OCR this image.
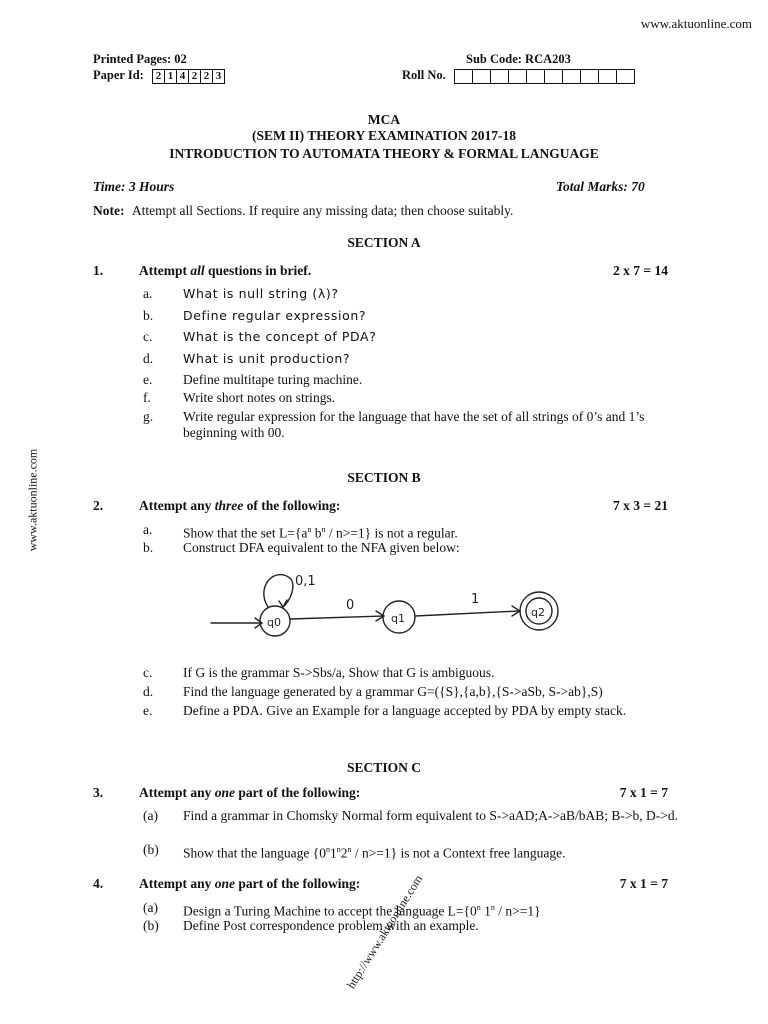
www.aktuonline.com
Printed Pages: 02	Sub Code: RCA203
Paper Id:	2 1 4 2 2 3	Roll No.
MCA
(SEM II) THEORY EXAMINATION 2017-18
INTRODUCTION TO AUTOMATA THEORY & FORMAL LANGUAGE
Time: 3 Hours	Total Marks: 70
Note: Attempt all Sections. If require any missing data; then choose suitably.
SECTION A
1.	Attempt all questions in brief.	2 x 7 = 14
a. What is null string (λ)?
b. Define regular expression?
c. What is the concept of PDA?
d. What is unit production?
e. Define multitape turing machine.
f. Write short notes on strings.
g. Write regular expression for the language that have the set of all strings of 0’s and 1’s beginning with 00.
SECTION B
2.	Attempt any three of the following:	7 x 3 = 21
a. Show that the set $L=\{a^n$ $b^n / n>=1$} is not a regular.
b. Construct DFA equivalent to the NFA given below:
0,1
0	1
q0	q1	q2
c. If G is the grammar S->Sbs/a, Show that G is ambiguous.
d. Find the language generated by a grammar G=({S},{a,b},{S->aSb, S->ab},S)
e. Define a PDA. Give an Example for a language accepted by PDA by empty stack.
SECTION C
3.	Attempt any one part of the following:	7 x 1 = 7
(a) Find a grammar in Chomsky Normal form equivalent to S->aAD;A->aB/bAB; B->b, D->d.
(b) Show that the language {0$^n$1$^n$2$^n$ / n>=1} is not a Context free language.
4.	Attempt any one part of the following:	7 x 1 = 7
(a) Design a Turing Machine to accept the language $L=\{0^n$ 1$^n$ / n>=1}
(b) Define Post correspondence problem with an example.
www.aktuonline.com
http://www.aktuonline.com
